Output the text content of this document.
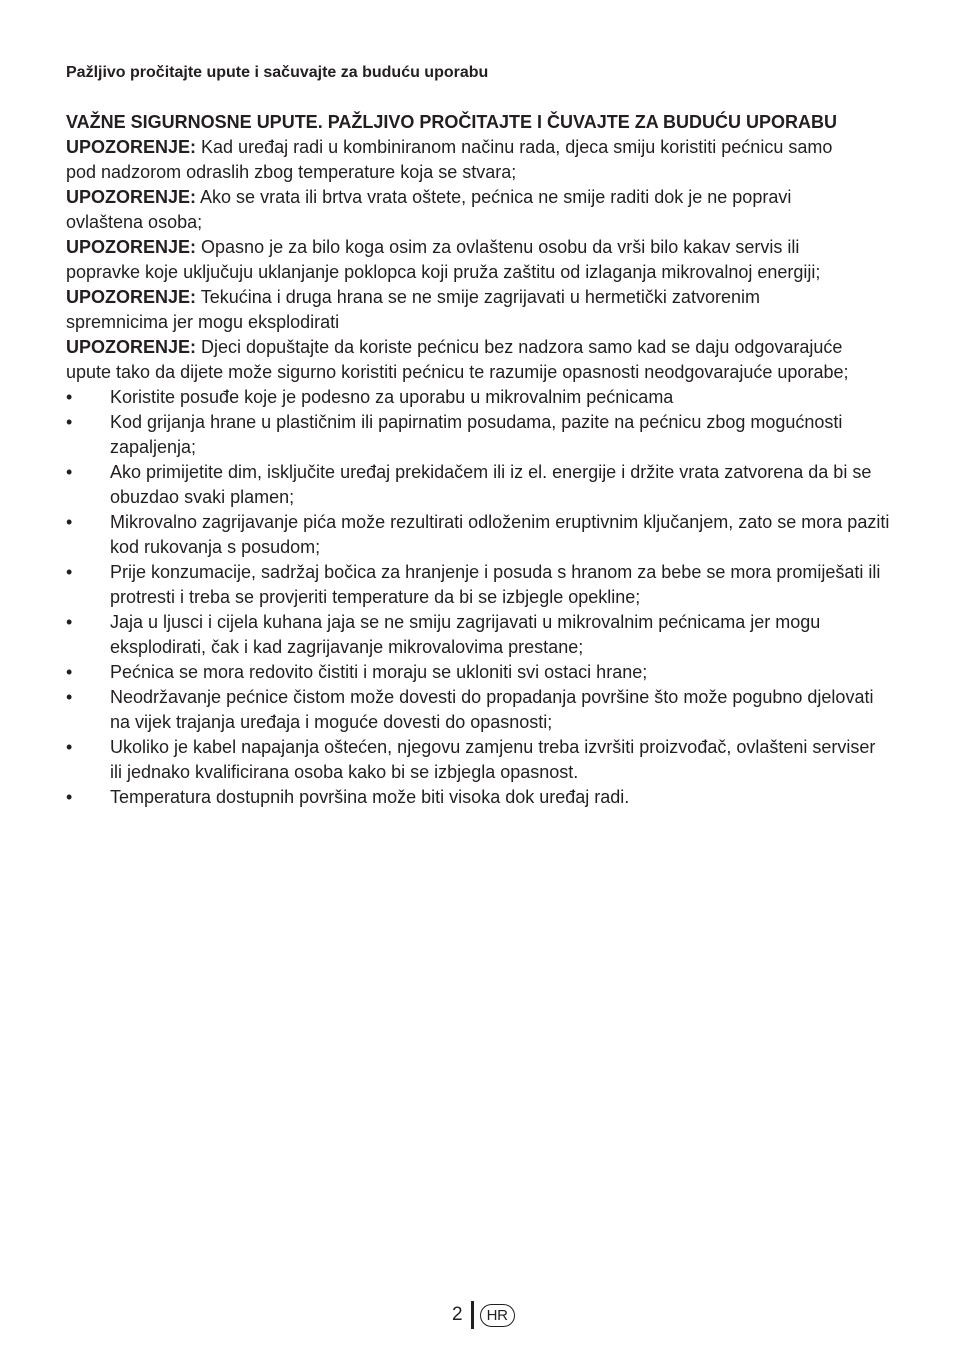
Pažljivo pročitajte upute i sačuvajte za buduću uporabu

VAŽNE SIGURNOSNE UPUTE. PAŽLJIVO PROČITAJTE I ČUVAJTE ZA BUDUĆU UPORABU

UPOZORENJE: Kad uređaj radi u kombiniranom načinu rada, djeca smiju koristiti pećnicu samo pod nadzorom odraslih zbog temperature koja se stvara;

UPOZORENJE: Ako se vrata ili brtva vrata oštete, pećnica ne smije raditi dok je ne popravi ovlaštena osoba;

UPOZORENJE: Opasno je za bilo koga osim za ovlaštenu osobu da vrši bilo kakav servis ili popravke koje uključuju uklanjanje poklopca koji pruža zaštitu od izlaganja mikrovalnoj energiji;

UPOZORENJE: Tekućina i druga hrana se ne smije zagrijavati u hermetički zatvorenim spremnicima jer mogu eksplodirati

UPOZORENJE: Djeci dopuštajte da koriste pećnicu bez nadzora samo kad se daju odgovarajuće upute tako da dijete može sigurno koristiti pećnicu te razumije opasnosti neodgovarajuće uporabe;

• Koristite posuđe koje je podesno za uporabu u mikrovalnim pećnicama
• Kod grijanja hrane u plastičnim ili papirnatim posudama, pazite na pećnicu zbog mogućnosti zapaljenja;
• Ako primijetite dim, isključite uređaj prekidačem ili iz el. energije i držite vrata zatvorena da bi se obuzdao svaki plamen;
• Mikrovalno zagrijavanje pića može rezultirati odloženim eruptivnim ključanjem, zato se mora paziti kod rukovanja s posudom;
• Prije konzumacije, sadržaj bočica za hranjenje i posuda s hranom za bebe se mora promiješati ili protresti i treba se provjeriti temperature da bi se izbjegle opekline;
• Jaja u ljusci i cijela kuhana jaja se ne smiju zagrijavati u mikrovalnim pećnicama jer mogu eksplodirati, čak i kad zagrijavanje mikrovalovima prestane;
• Pećnica se mora redovito čistiti i moraju se ukloniti svi ostaci hrane;
• Neodržavanje pećnice čistom može dovesti do propadanja površine što može pogubno djelovati na vijek trajanja uređaja i moguće dovesti do opasnosti;
• Ukoliko je kabel napajanja oštećen, njegovu zamjenu treba izvršiti proizvođač, ovlašteni serviser ili jednako kvalificirana osoba kako bi se izbjegla opasnost.
• Temperatura dostupnih površina može biti visoka dok uređaj radi.
2	HR
